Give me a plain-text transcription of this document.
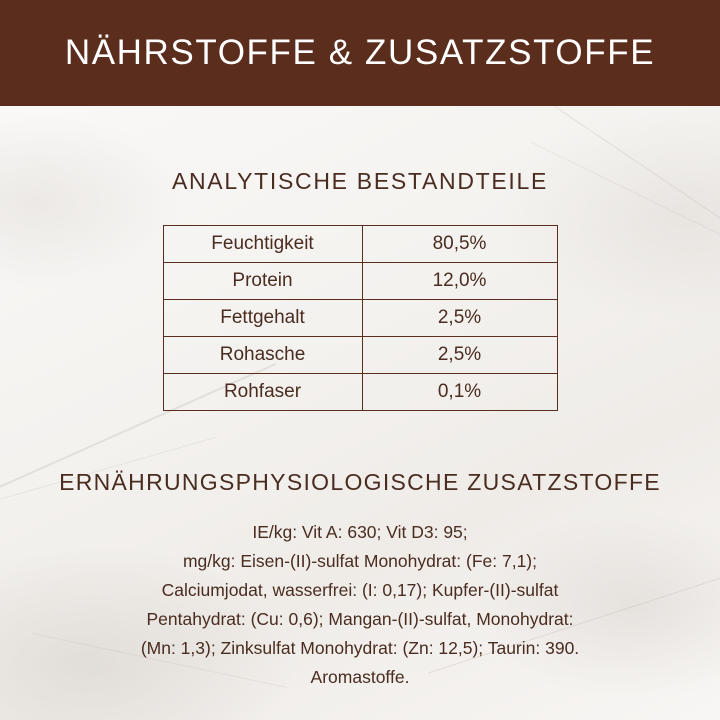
NÄHRSTOFFE & ZUSATZSTOFFE
ANALYTISCHE BESTANDTEILE
Feuchtigkeit	80,5%
Protein	12,0%
Fettgehalt	2,5%
Rohasche	2,5%
Rohfaser	0,1%
ERNÄHRUNGSPHYSIOLOGISCHE ZUSATZSTOFFE
IE/kg: Vit A: 630; Vit D3: 95;
mg/kg: Eisen-(II)-sulfat Monohydrat: (Fe: 7,1);
Calciumjodat, wasserfrei: (I: 0,17); Kupfer-(II)-sulfat
Pentahydrat: (Cu: 0,6); Mangan-(II)-sulfat, Monohydrat:
(Mn: 1,3); Zinksulfat Monohydrat: (Zn: 12,5); Taurin: 390.
Aromastoffe.
